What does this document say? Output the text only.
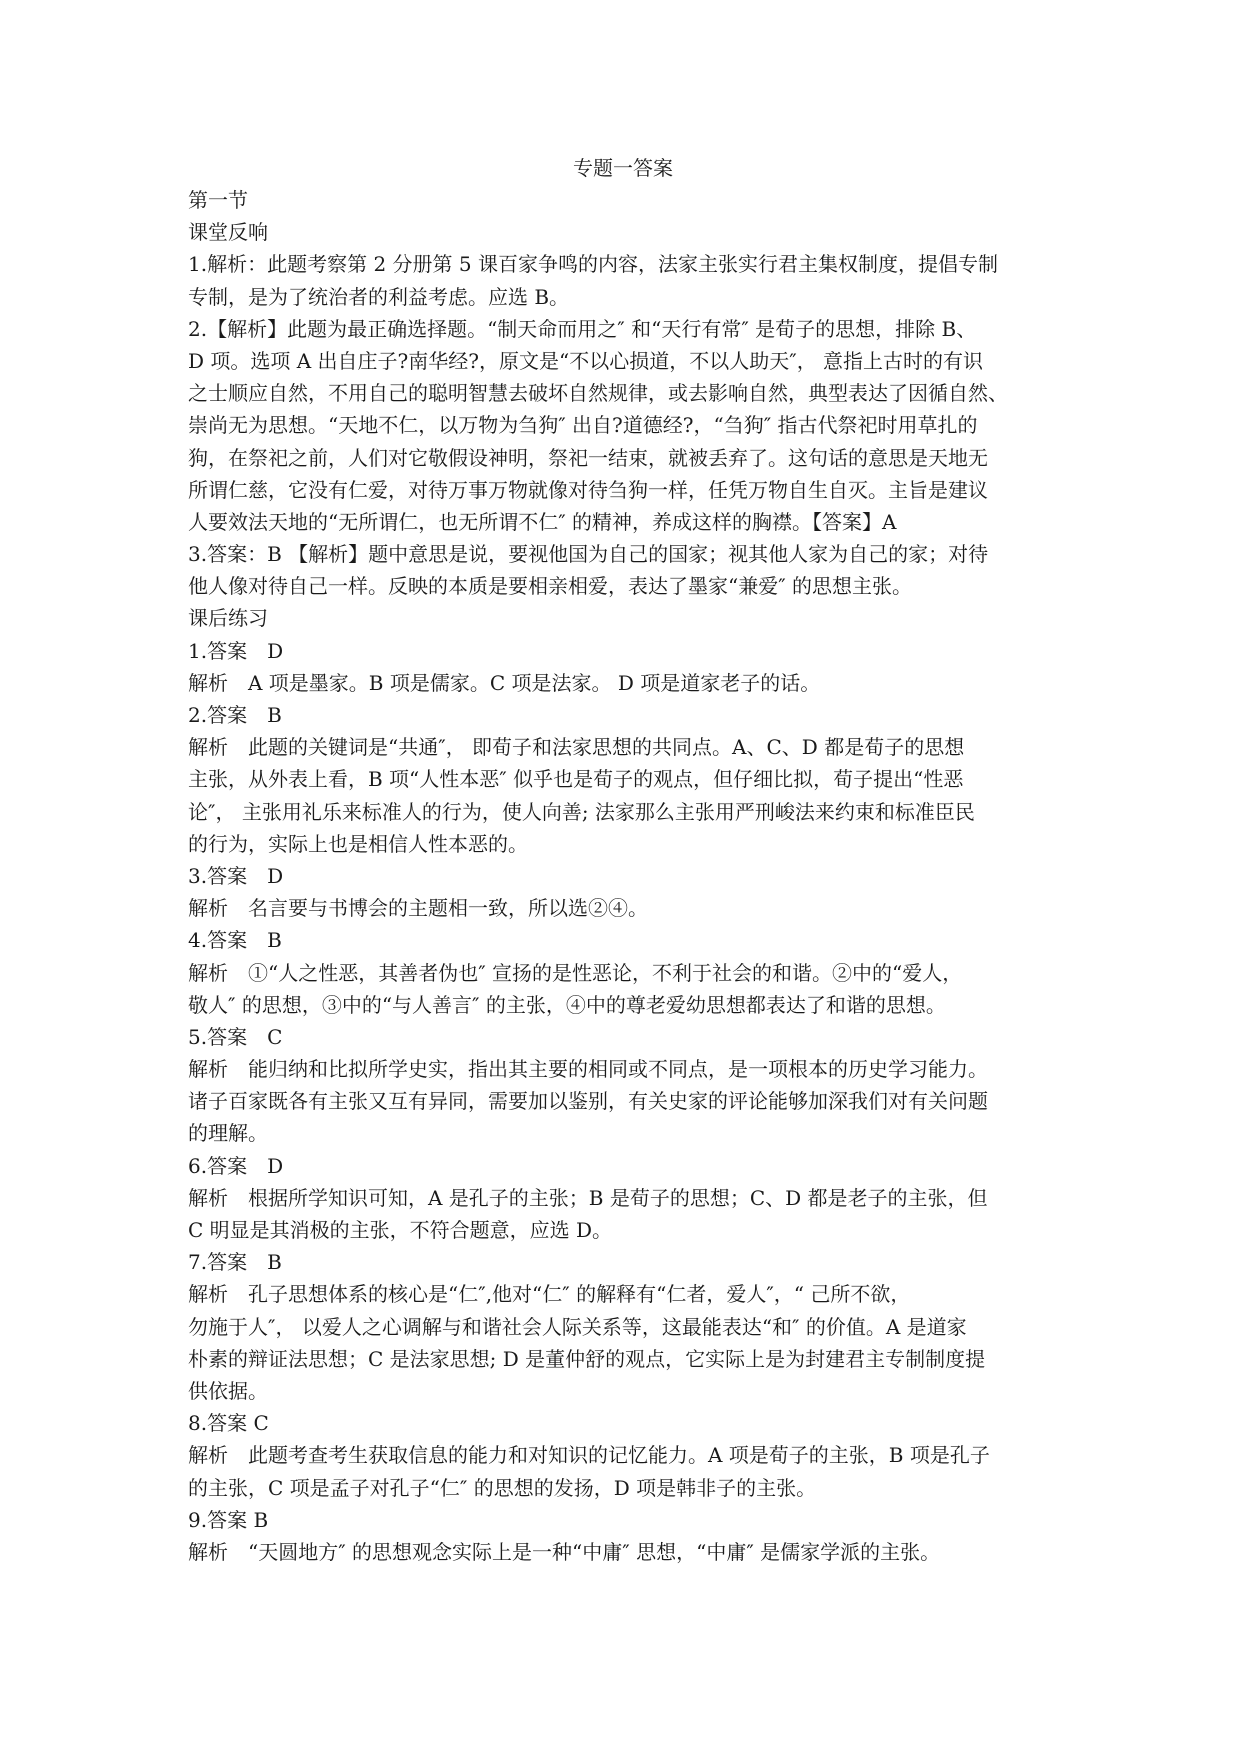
专题一答案
第一节
课堂反响
1.解析：此题考察第 2 分册第 5 课百家争鸣的内容，法家主张实行君主集权制度，提倡专制
专制，是为了统治者的利益考虑。应选 B。
2.【解析】此题为最正确选择题。“制天命而用之″ 和“天行有常″ 是荀子的思想，排除 B、
D 项。选项 A 出自庄子?南华经?，原文是“不以心损道，不以人助天″， 意指上古时的有识
之士顺应自然，不用自己的聪明智慧去破坏自然规律，或去影响自然，典型表达了因循自然、
崇尚无为思想。“天地不仁，以万物为刍狗″ 出自?道德经?，“刍狗″ 指古代祭祀时用草扎的
狗，在祭祀之前，人们对它敬假设神明，祭祀一结束，就被丢弃了。这句话的意思是天地无
所谓仁慈，它没有仁爱，对待万事万物就像对待刍狗一样，任凭万物自生自灭。主旨是建议
人要效法天地的“无所谓仁，也无所谓不仁″ 的精神，养成这样的胸襟。【答案】A
3.答案：B 【解析】题中意思是说，要视他国为自己的国家；视其他人家为自己的家；对待
他人像对待自己一样。反映的本质是要相亲相爱，表达了墨家“兼爱″ 的思想主张。
课后练习
1.答案　D
解析　A 项是墨家。B 项是儒家。C 项是法家。 D 项是道家老子的话。
2.答案　B
解析　此题的关键词是“共通″， 即荀子和法家思想的共同点。A、C、D 都是荀子的思想
主张，从外表上看，B 项“人性本恶″ 似乎也是荀子的观点，但仔细比拟，荀子提出“性恶
论″， 主张用礼乐来标准人的行为，使人向善; 法家那么主张用严刑峻法来约束和标准臣民
的行为，实际上也是相信人性本恶的。
3.答案　D
解析　名言要与书博会的主题相一致，所以选②④。
4.答案　B
解析　①“人之性恶，其善者伪也″ 宣扬的是性恶论，不利于社会的和谐。②中的“爱人，
敬人″ 的思想，③中的“与人善言″ 的主张，④中的尊老爱幼思想都表达了和谐的思想。
5.答案　C
解析　能归纳和比拟所学史实，指出其主要的相同或不同点，是一项根本的历史学习能力。
诸子百家既各有主张又互有异同，需要加以鉴别，有关史家的评论能够加深我们对有关问题
的理解。
6.答案　D
解析　根据所学知识可知，A 是孔子的主张；B 是荀子的思想；C、D 都是老子的主张，但
C 明显是其消极的主张，不符合题意，应选 D。
7.答案　B
解析　孔子思想体系的核心是“仁″,他对“仁″ 的解释有“仁者，爱人″，“ 己所不欲，
勿施于人″， 以爱人之心调解与和谐社会人际关系等，这最能表达“和″ 的价值。A 是道家
朴素的辩证法思想；C 是法家思想; D 是董仲舒的观点，它实际上是为封建君主专制制度提
供依据。
8.答案 C
解析　此题考查考生获取信息的能力和对知识的记忆能力。A 项是荀子的主张，B 项是孔子
的主张，C 项是孟子对孔子“仁″ 的思想的发扬，D 项是韩非子的主张。
9.答案 B
解析　“天圆地方″ 的思想观念实际上是一种“中庸″ 思想，“中庸″ 是儒家学派的主张。
